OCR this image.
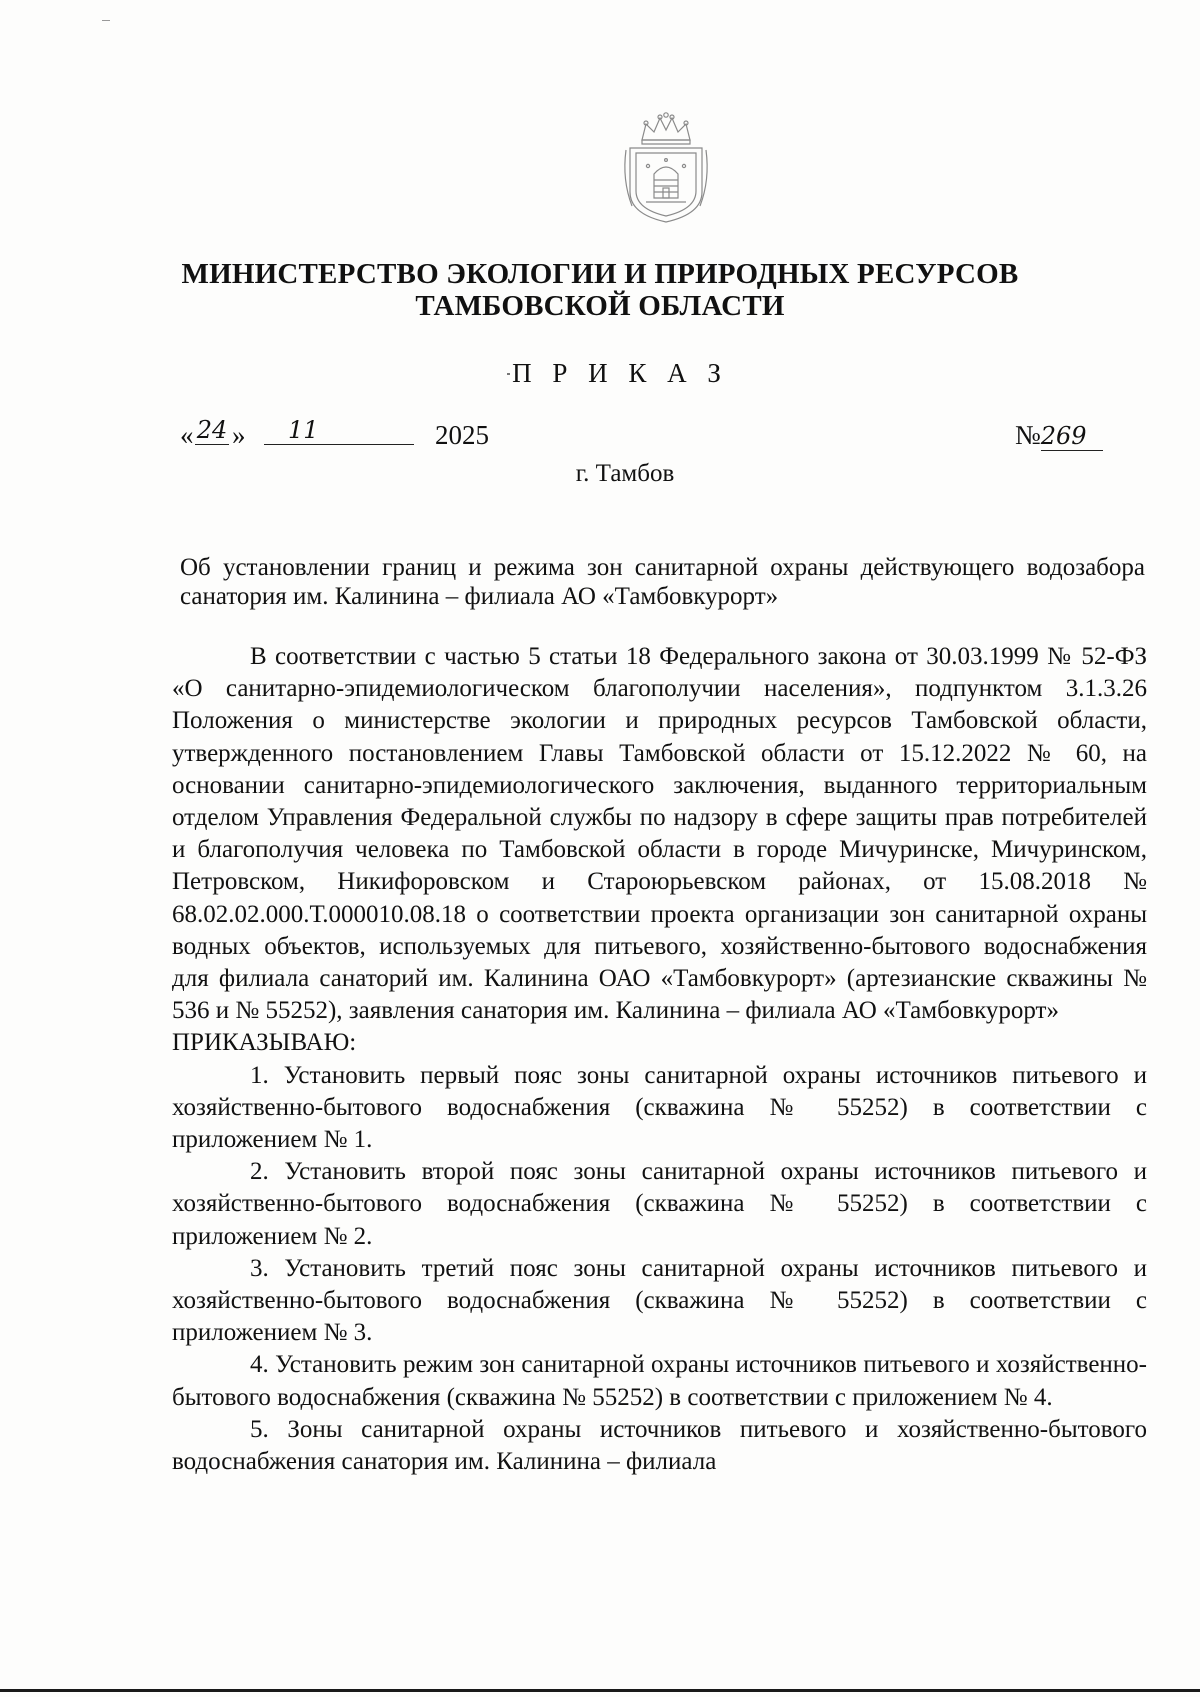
МИНИСТЕРСТВО ЭКОЛОГИИ И ПРИРОДНЫХ РЕСУРСОВ
ТАМБОВСКОЙ ОБЛАСТИ
П Р И К А З
« 24 »	11	2025	№269
г. Тамбов
Об установлении границ и режима зон санитарной охраны действующего водозабора санатория им. Калинина – филиала АО «Тамбовкурорт»

В соответствии с частью 5 статьи 18 Федерального закона от 30.03.1999 № 52-ФЗ «О санитарно-эпидемиологическом благополучии населения», подпунктом 3.1.3.26 Положения о министерстве экологии и природных ресурсов Тамбовской области, утвержденного постановлением Главы Тамбовской области от 15.12.2022 № 60, на основании санитарно-эпидемиологического заключения, выданного территориальным отделом Управления Федеральной службы по надзору в сфере защиты прав потребителей и благополучия человека по Тамбовской области в городе Мичуринске, Мичуринском, Петровском, Никифоровском и Староюрьевском районах, от 15.08.2018 № 68.02.02.000.Т.000010.08.18 о соответствии проекта организации зон санитарной охраны водных объектов, используемых для питьевого, хозяйственно-бытового водоснабжения для филиала санаторий им. Калинина ОАО «Тамбовкурорт» (артезианские скважины № 536 и № 55252), заявления санатория им. Калинина – филиала АО «Тамбовкурорт»

ПРИКАЗЫВАЮ:

1. Установить первый пояс зоны санитарной охраны источников питьевого и хозяйственно-бытового водоснабжения (скважина № 55252) в соответствии с приложением № 1.

2. Установить второй пояс зоны санитарной охраны источников питьевого и хозяйственно-бытового водоснабжения (скважина № 55252) в соответствии с приложением № 2.

3. Установить третий пояс зоны санитарной охраны источников питьевого и хозяйственно-бытового водоснабжения (скважина № 55252) в соответствии с приложением № 3.

4. Установить режим зон санитарной охраны источников питьевого и хозяйственно-бытового водоснабжения (скважина № 55252) в соответствии с приложением № 4.

5. Зоны санитарной охраны источников питьевого и хозяйственно-бытового водоснабжения санатория им. Калинина – филиала
